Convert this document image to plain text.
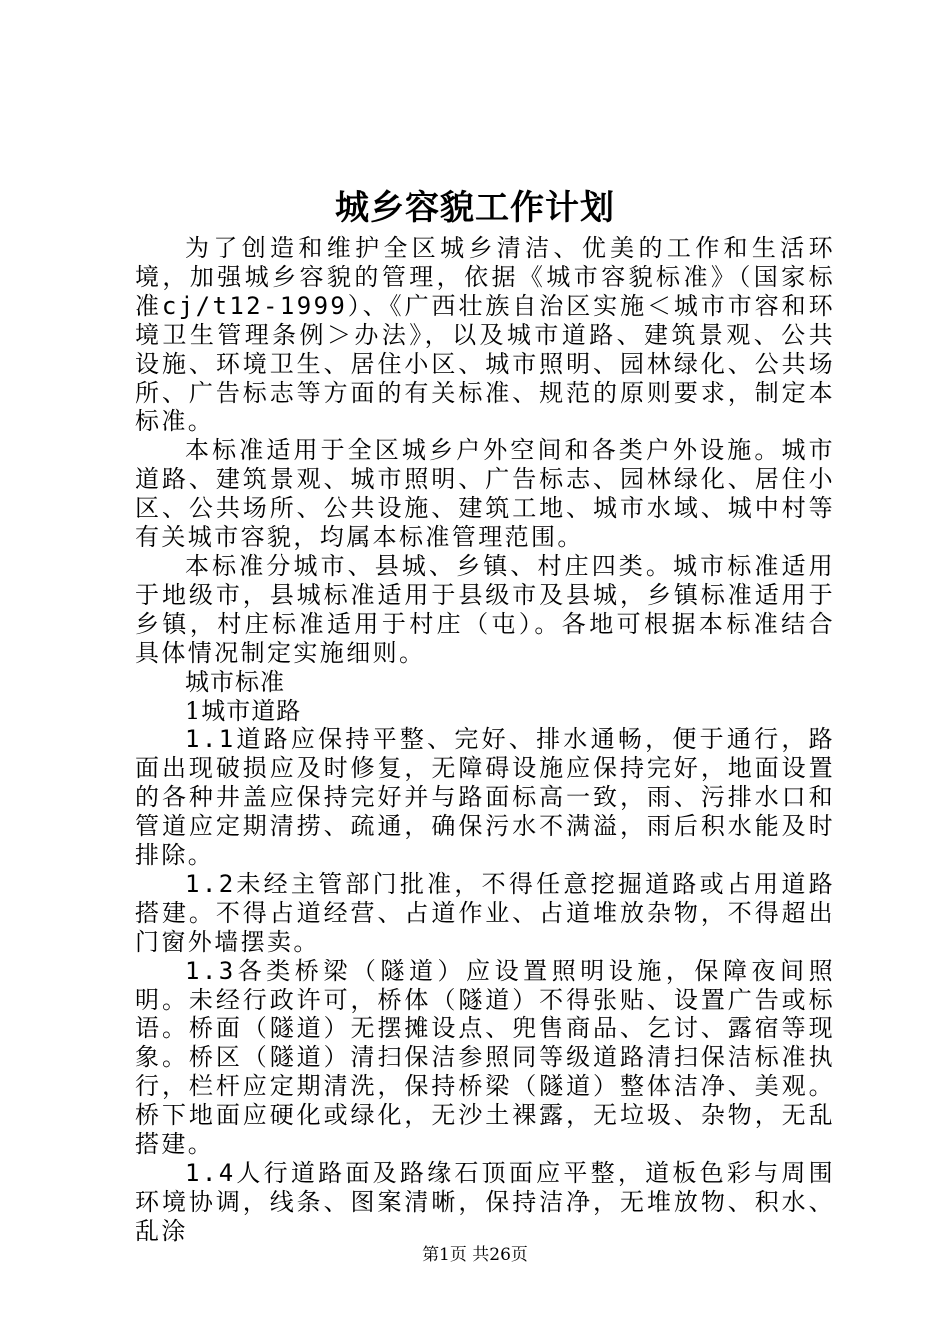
城乡容貌工作计划

为了创造和维护全区城乡清洁、优美的工作和生活环境，加强城乡容貌的管理，依据《城市容貌标准》（国家标准cj/t12-1999）、《广西壮族自治区实施＜城市市容和环境卫生管理条例＞办法》，以及城市道路、建筑景观、公共设施、环境卫生、居住小区、城市照明、园林绿化、公共场所、广告标志等方面的有关标准、规范的原则要求，制定本标准。

本标准适用于全区城乡户外空间和各类户外设施。城市道路、建筑景观、城市照明、广告标志、园林绿化、居住小区、公共场所、公共设施、建筑工地、城市水域、城中村等有关城市容貌，均属本标准管理范围。

本标准分城市、县城、乡镇、村庄四类。城市标准适用于地级市，县城标准适用于县级市及县城，乡镇标准适用于乡镇，村庄标准适用于村庄（屯）。各地可根据本标准结合具体情况制定实施细则。

城市标准

1城市道路

1.1道路应保持平整、完好、排水通畅，便于通行，路面出现破损应及时修复，无障碍设施应保持完好，地面设置的各种井盖应保持完好并与路面标高一致，雨、污排水口和管道应定期清捞、疏通，确保污水不满溢，雨后积水能及时排除。

1.2未经主管部门批准，不得任意挖掘道路或占用道路搭建。不得占道经营、占道作业、占道堆放杂物，不得超出门窗外墙摆卖。

1.3各类桥梁（隧道）应设置照明设施，保障夜间照明。未经行政许可，桥体（隧道）不得张贴、设置广告或标语。桥面（隧道）无摆摊设点、兜售商品、乞讨、露宿等现象。桥区（隧道）清扫保洁参照同等级道路清扫保洁标准执行，栏杆应定期清洗，保持桥梁（隧道）整体洁净、美观。桥下地面应硬化或绿化，无沙土裸露，无垃圾、杂物，无乱搭建。

1.4人行道路面及路缘石顶面应平整，道板色彩与周围环境协调，线条、图案清晰，保持洁净，无堆放物、积水、乱涂

第1页 共26页
